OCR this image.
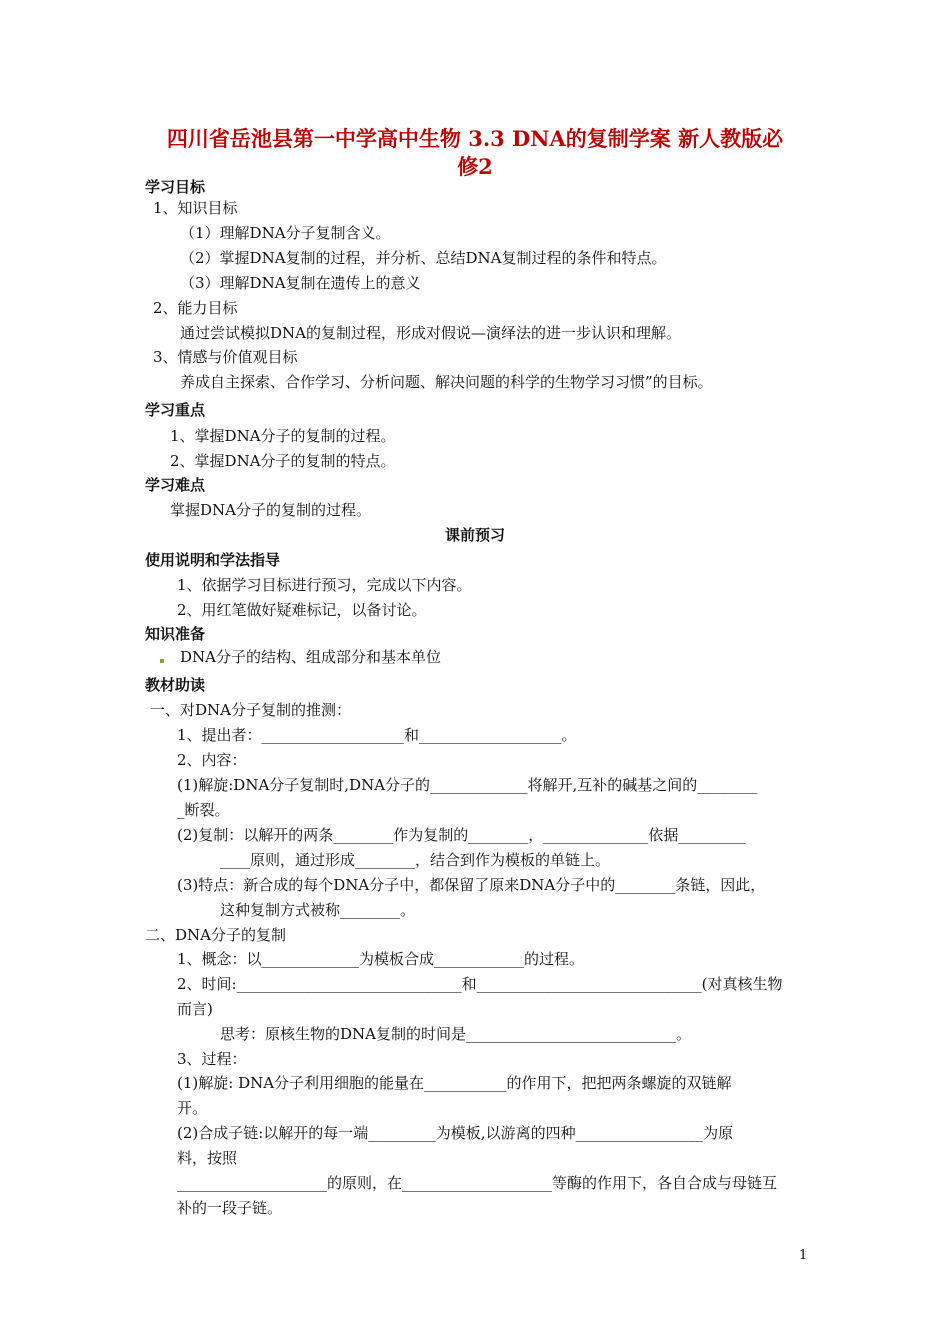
四川省岳池县第一中学高中生物 3.3 DNA的复制学案 新人教版必
修2
学习目标
1、知识目标
（1）理解DNA分子复制含义。
（2）掌握DNA复制的过程，并分析、总结DNA复制过程的条件和特点。
（3）理解DNA复制在遗传上的意义
2、能力目标
通过尝试模拟DNA的复制过程，形成对假说—演绎法的进一步认识和理解。
3、情感与价值观目标
养成自主探索、合作学习、分析问题、解决问题的科学的生物学习习惯”的目标。
学习重点
1、掌握DNA分子的复制的过程。
2、掌握DNA分子的复制的特点。
学习难点
掌握DNA分子的复制的过程。
课前预习
使用说明和学法指导
1、依据学习目标进行预习，完成以下内容。
2、用红笔做好疑难标记，以备讨论。
知识准备
DNA分子的结构、组成部分和基本单位
教材助读
一、对DNA分子复制的推测：
1、提出者：___________________和___________________。
2、内容：
(1)解旋:DNA分子复制时,DNA分子的_____________将解开,互补的碱基之间的________
_断裂。
(2)复制：以解开的两条________作为复制的________，______________依据_________
____原则，通过形成________，结合到作为模板的单链上。
(3)特点：新合成的每个DNA分子中，都保留了原来DNA分子中的________条链，因此，
这种复制方式被称________。
二、DNA分子的复制
1、概念：以_____________为模板合成____________的过程。
2、时间:______________________________和______________________________(对真核生物
而言)
思考：原核生物的DNA复制的时间是____________________________。
3、过程：
(1)解旋: DNA分子利用细胞的能量在___________的作用下，把把两条螺旋的双链解
开。
(2)合成子链:以解开的每一端_________为模板,以游离的四种_________________为原
料，按照
____________________的原则，在____________________等酶的作用下，各自合成与母链互
补的一段子链。
1
